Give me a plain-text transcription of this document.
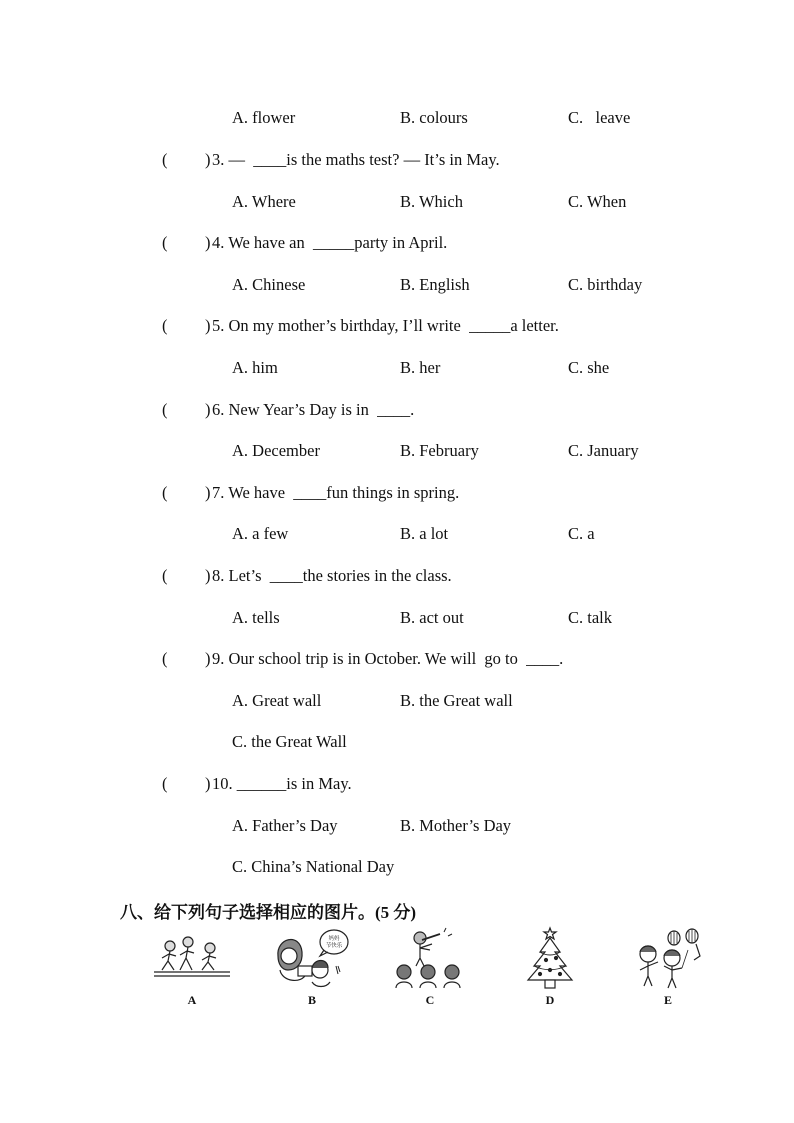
A. flower	B. colours	C.   leave
( ) 3. —  ____is the maths test? — It’s in May.
A. Where	B. Which	C. When
( ) 4. We have an  _____party in April.
A. Chinese	B. English	C. birthday
( ) 5. On my mother’s birthday, I’ll write  _____a letter.
A. him	B. her	C. she
( ) 6. New Year’s Day is in  ____.
A. December	B. February	C. January
( ) 7. We have  ____fun things in spring.
A. a few	B. a lot	C. a
( ) 8. Let’s  ____the stories in the class.
A. tells	B. act out	C. talk
( ) 9. Our school trip is in October. We will  go to  ____.
A. Great wall	B. the Great wall
C. the Great Wall
( ) 10. ______is in May.
A. Father’s Day	B. Mother’s Day
C. China’s National Day
八、给下列句子选择相应的图片。(5 分)
A
妈妈
节快乐
B	C	D	E
